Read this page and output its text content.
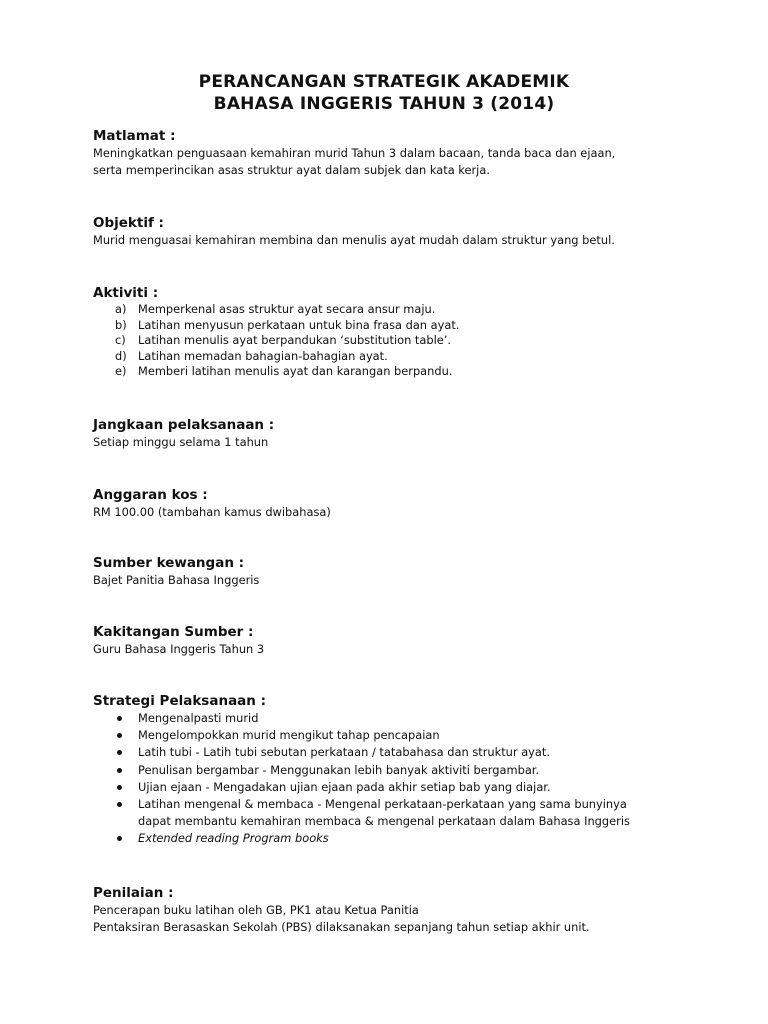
PERANCANGAN STRATEGIK AKADEMIK
BAHASA INGGERIS TAHUN 3 (2014)

Matlamat :

Meningkatkan penguasaan kemahiran murid Tahun 3 dalam bacaan, tanda baca dan ejaan,

serta memperincikan asas struktur ayat dalam subjek dan kata kerja.

Objektif :

Murid menguasai kemahiran membina dan menulis ayat mudah dalam struktur yang betul.

Aktiviti :

a) Memperkenal asas struktur ayat secara ansur maju.
b) Latihan menyusun perkataan untuk bina frasa dan ayat.
c) Latihan menulis ayat berpandukan ‘substitution table’.
d) Latihan memadan bahagian-bahagian ayat.
e) Memberi latihan menulis ayat dan karangan berpandu.

Jangkaan pelaksanaan :

Setiap minggu selama 1 tahun

Anggaran kos :

RM 100.00 (tambahan kamus dwibahasa)

Sumber kewangan :

Bajet Panitia Bahasa Inggeris

Kakitangan Sumber :

Guru Bahasa Inggeris Tahun 3

Strategi Pelaksanaan :

Mengenalpasti murid
Mengelompokkan murid mengikut tahap pencapaian
Latih tubi - Latih tubi sebutan perkataan / tatabahasa dan struktur ayat.
Penulisan bergambar - Menggunakan lebih banyak aktiviti bergambar.
Ujian ejaan - Mengadakan ujian ejaan pada akhir setiap bab yang diajar.
Latihan mengenal & membaca - Mengenal perkataan-perkataan yang sama bunyinya
dapat membantu kemahiran membaca & mengenal perkataan dalam Bahasa Inggeris
Extended reading Program books

Penilaian :

Pencerapan buku latihan oleh GB, PK1 atau Ketua Panitia

Pentaksiran Berasaskan Sekolah (PBS) dilaksanakan sepanjang tahun setiap akhir unit.
